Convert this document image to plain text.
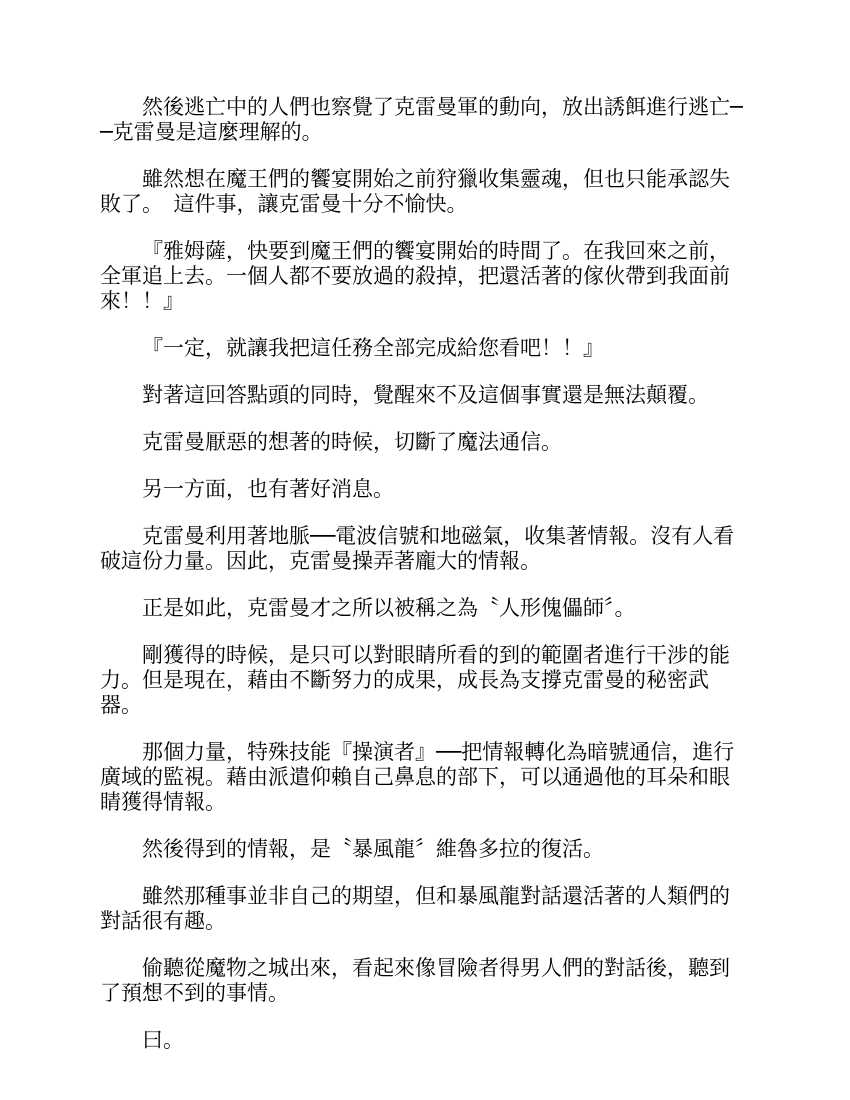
然後逃亡中的人們也察覺了克雷曼軍的動向，放出誘餌進行逃亡──克雷曼是這麼理解的。

雖然想在魔王們的饗宴開始之前狩獵收集靈魂，但也只能承認失敗了。　這件事，讓克雷曼十分不愉快。

『雅姆薩，快要到魔王們的饗宴開始的時間了。在我回來之前，全軍追上去。一個人都不要放過的殺掉，把還活著的傢伙帶到我面前來！！』

『一定，就讓我把這任務全部完成給您看吧！！』

對著這回答點頭的同時，覺醒來不及這個事實還是無法顛覆。

克雷曼厭惡的想著的時候，切斷了魔法通信。

另一方面，也有著好消息。

克雷曼利用著地脈──電波信號和地磁氣，收集著情報。沒有人看破這份力量。因此，克雷曼操弄著龐大的情報。

正是如此，克雷曼才之所以被稱之為〝人形傀儡師〞。

剛獲得的時候，是只可以對眼睛所看的到的範圍者進行干涉的能力。但是現在，藉由不斷努力的成果，成長為支撐克雷曼的秘密武器。

那個力量，特殊技能『操演者』──把情報轉化為暗號通信，進行廣域的監視。藉由派遣仰賴自己鼻息的部下，可以通過他的耳朵和眼睛獲得情報。

然後得到的情報，是〝暴風龍〞維魯多拉的復活。

雖然那種事並非自己的期望，但和暴風龍對話還活著的人類們的對話很有趣。

偷聽從魔物之城出來，看起來像冒險者得男人們的對話後，聽到了預想不到的事情。

曰。
